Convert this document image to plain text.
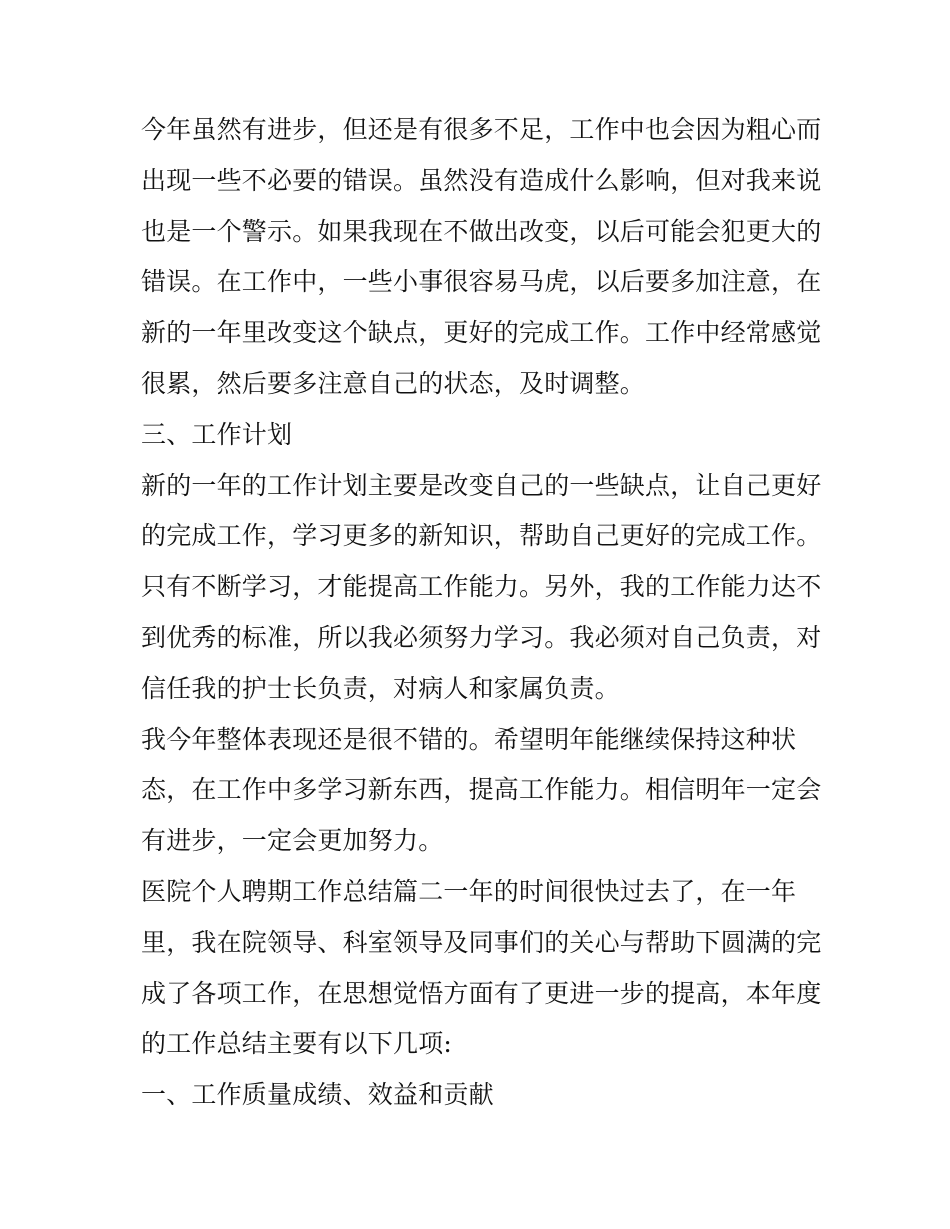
今年虽然有进步，但还是有很多不足，工作中也会因为粗心而
出现一些不必要的错误。虽然没有造成什么影响，但对我来说
也是一个警示。如果我现在不做出改变，以后可能会犯更大的
错误。在工作中，一些小事很容易马虎，以后要多加注意，在
新的一年里改变这个缺点，更好的完成工作。工作中经常感觉
很累，然后要多注意自己的状态，及时调整。
三、工作计划
新的一年的工作计划主要是改变自己的一些缺点，让自己更好
的完成工作，学习更多的新知识，帮助自己更好的完成工作。
只有不断学习，才能提高工作能力。另外，我的工作能力达不
到优秀的标准，所以我必须努力学习。我必须对自己负责，对
信任我的护士长负责，对病人和家属负责。
我今年整体表现还是很不错的。希望明年能继续保持这种状
态，在工作中多学习新东西，提高工作能力。相信明年一定会
有进步，一定会更加努力。
医院个人聘期工作总结篇二一年的时间很快过去了，在一年
里，我在院领导、科室领导及同事们的关心与帮助下圆满的完
成了各项工作，在思想觉悟方面有了更进一步的提高，本年度
的工作总结主要有以下几项:
一、工作质量成绩、效益和贡献
